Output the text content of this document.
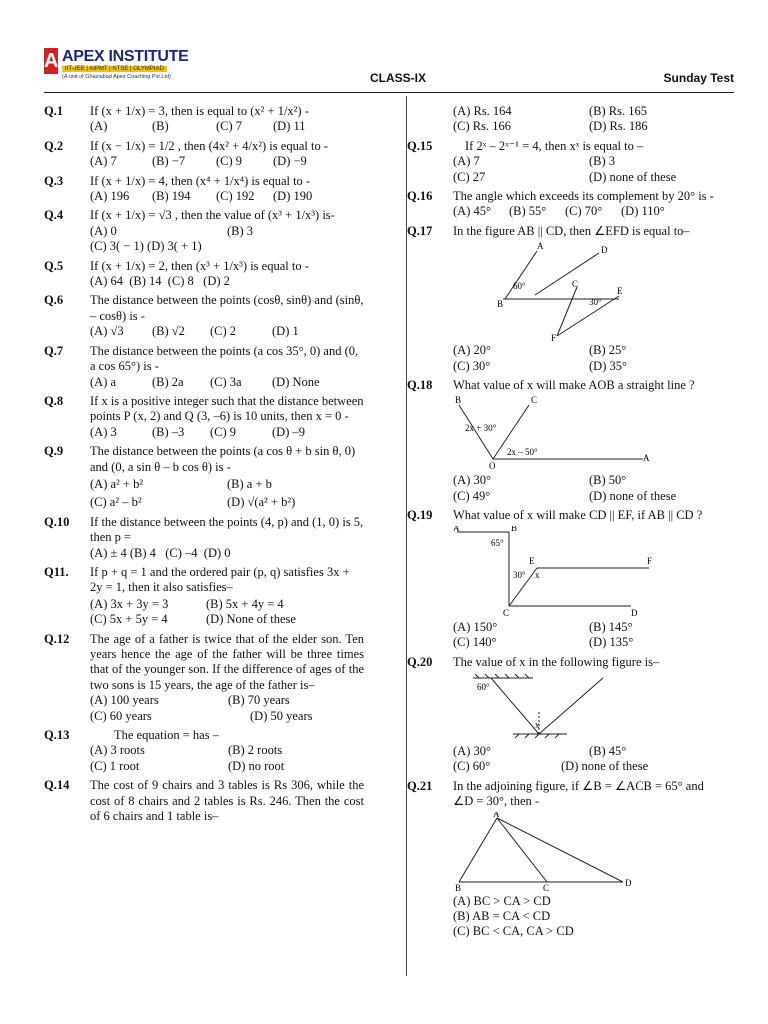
A APEX INSTITUTE
IIT-JEE | AIPMT | NTSE | OLYMPIAD
(A unit of Ghaziabad Apex Coaching Pvt.Ltd)	CLASS-IX	Sunday Test
Q.1 If (x + 1/x) = 3, then is equal to (x² + 1/x²) -
(A)	(B)	(C) 7	(D) 11
Q.2 If (x − 1/x) = 1/2 , then (4x² + 4/x²) is equal to -
(A) 7	(B) −7	(C) 9	(D) −9
Q.3 If (x + 1/x) = 4, then (x⁴ + 1/x⁴) is equal to -
(A) 196	(B) 194	(C) 192	(D) 190
Q.4 If (x + 1/x) = √3 , then the value of (x³ + 1/x³) is-
(A) 0	(B) 3
(C) 3( − 1) (D) 3( + 1)
Q.5 If (x + 1/x) = 2, then (x³ + 1/x³) is equal to -
(A) 64  (B) 14  (C) 8   (D) 2
Q.6 The distance between the points (cosθ, sinθ) and (sinθ, – cosθ) is -
(A) √3	(B) √2	(C) 2	(D) 1
Q.7 The distance between the points (a cos 35°, 0) and (0, a cos 65°) is -
(A) a	(B) 2a	(C) 3a	(D) None
Q.8 If x is a positive integer such that the distance between points P (x, 2) and Q (3, –6) is 10 units, then x = 0 -
(A) 3	(B) –3	(C) 9	(D) –9
Q.9 The distance between the points (a cos θ + b sin θ, 0) and (0, a sin θ – b cos θ) is -
(A) a² + b²	(B) a + b
(C) a² – b²	(D) √(a² + b²)
Q.10 If the distance between the points (4, p) and (1, 0) is 5, then p =
(A) ± 4 (B) 4   (C) –4  (D) 0
Q11. If p + q = 1 and the ordered pair (p, q) satisfies 3x + 2y = 1, then it also satisfies–
(A) 3x + 3y = 3	(B) 5x + 4y = 4
(C) 5x + 5y = 4	(D) None of these
Q.12 The age of a father is twice that of the elder son. Ten years hence the age of the father will be three times that of the younger son. If the difference of ages of the two sons is 15 years, the age of the father is–
(A) 100 years	(B) 70 years
(C) 60 years	(D) 50 years
Q.13	The equation = has –
(A) 3 roots	(B) 2 roots
(C) 1 root	(D) no root
Q.14 The cost of 9 chairs and 3 tables is Rs 306, while the cost of 8 chairs and 2 tables is Rs. 246. Then the cost of 6 chairs and 1 table is–
(A) Rs. 164	(B) Rs. 165
(C) Rs. 166	(D) Rs. 186
Q.15	If 2ˣ – 2ˣ⁻¹ = 4, then xˣ is equal to –
(A) 7	(B) 3
(C) 27	(D) none of these
Q.16 The angle which exceeds its complement by 20° is -
(A) 45°	(B) 55°	(C) 70°	(D) 110°
Q.17 In the figure AB || CD, then ∠EFD is equal to–
A	D
C
E
B
F
60°
30°
(A) 20°	(B) 25°
(C) 30°	(D) 35°
Q.18 What value of x will make AOB a straight line ?
B	C
2x + 30°
2x – 50°
O
A
(A) 30°	(B) 50°
(C) 49°	(D) none of these
Q.19 What value of x will make CD || EF, if AB || CD ?
A	B
65°
E	F
30° x
C	D
(A) 150°	(B) 145°
(C) 140°	(D) 135°
Q.20 The value of x in the following figure is–
60°
x
(A) 30°	(B) 45°
(C) 60°	(D) none of these
Q.21 In the adjoining figure, if ∠B = ∠ACB = 65° and ∠D = 30°, then -
A
B	C	D
(A) BC > CA > CD
(B) AB = CA < CD
(C) BC < CA, CA > CD
